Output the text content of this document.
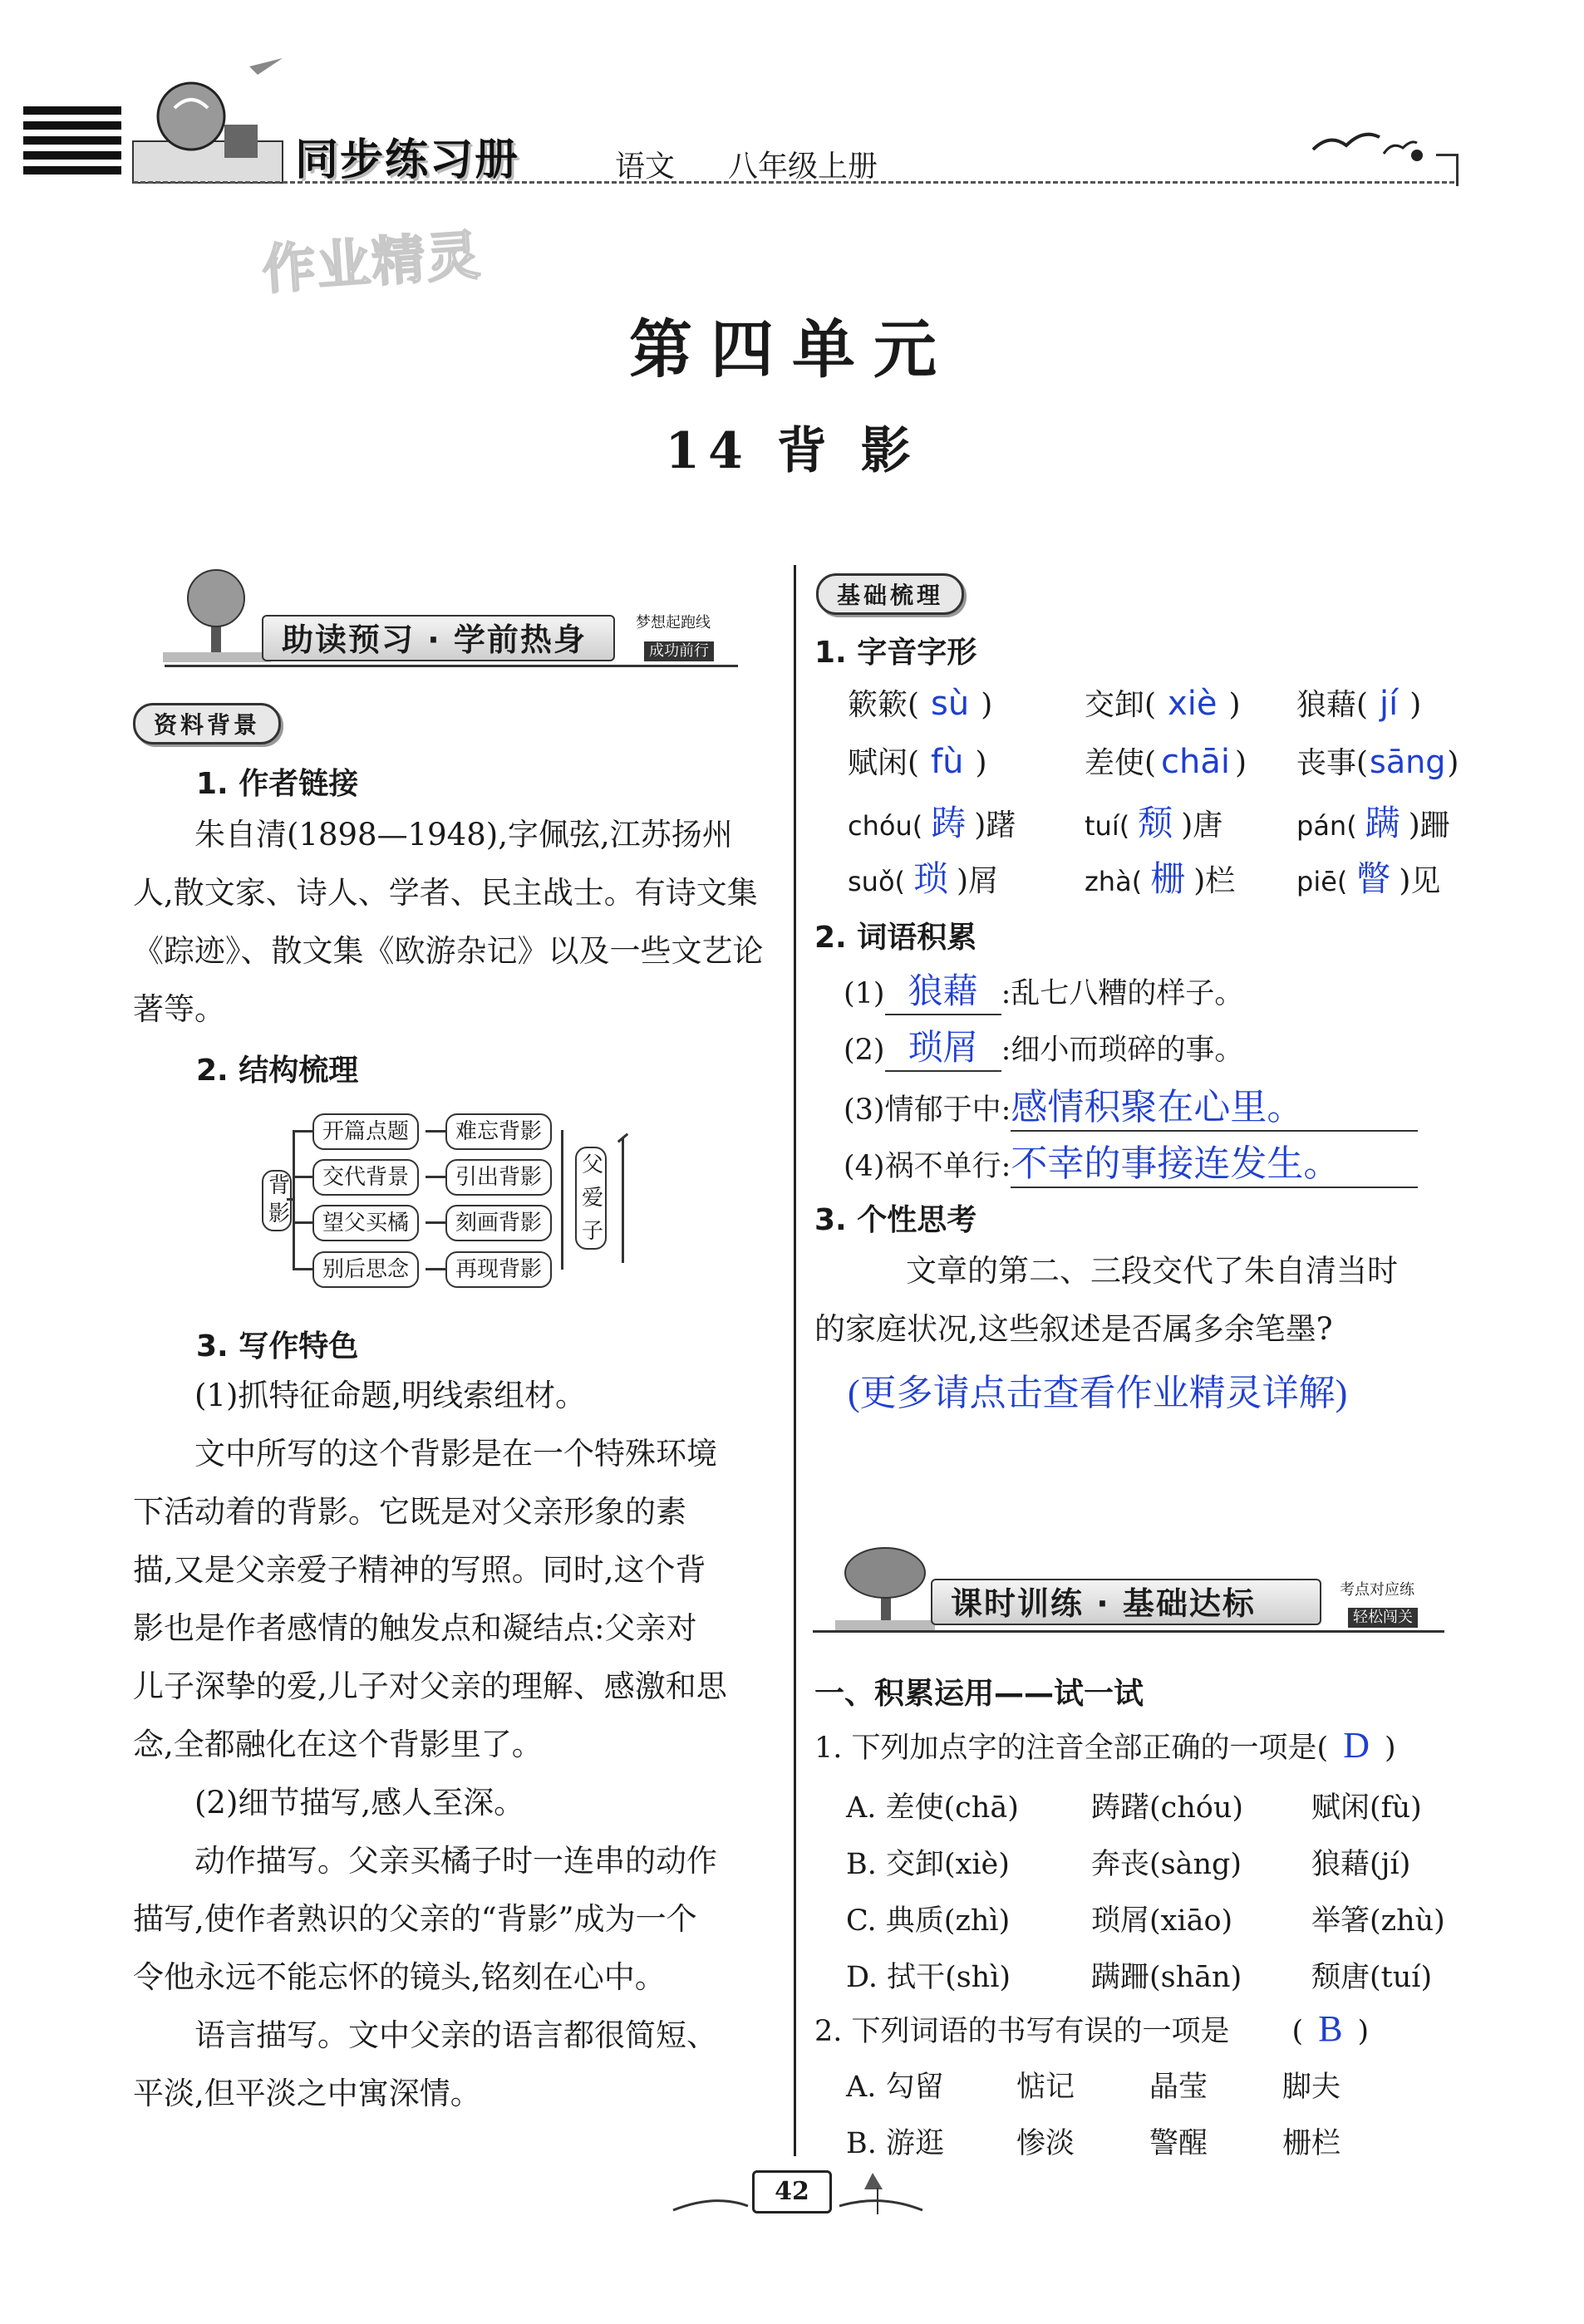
同步练习册	语文 八年级上册
作业精灵
第四单元
14 背 影
助读预习 · 学前热身	梦想起跑线
成功前行
资料背景
1. 作者链接
朱自清(1898—1948),字佩弦,江苏扬州
人,散文家、诗人、学者、民主战士。有诗文集
《踪迹》、散文集《欧游杂记》以及一些文艺论
著等。
2. 结构梳理
背影
开篇点题
交代背景
望父买橘
别后思念
难忘背影
引出背影
刻画背影
再现背影
父爱子
3. 写作特色
(1)抓特征命题,明线索组材。
文中所写的这个背影是在一个特殊环境
下活动着的背影。它既是对父亲形象的素
描,又是父亲爱子精神的写照。同时,这个背
影也是作者感情的触发点和凝结点:父亲对
儿子深挚的爱,儿子对父亲的理解、感激和思
念,全都融化在这个背影里了。
(2)细节描写,感人至深。
动作描写。父亲买橘子时一连串的动作
描写,使作者熟识的父亲的“背影”成为一个
令他永远不能忘怀的镜头,铭刻在心中。
语言描写。文中父亲的语言都很简短、
平淡,但平淡之中寓深情。
基础梳理
1. 字音字形
簌簌( sù )	交卸( xiè ) 狼藉( jí )
赋闲( fù )	差使( chāi ) 丧事(sāng)
chóu( 踌 )躇	tuí( 颓 )唐	pán( 蹒 )跚
suǒ( 琐 )屑	zhà( 栅 )栏 piē( 瞥 )见
2. 词语积累
(1) 狼藉 :乱七八糟的样子。
(2) 琐屑 :细小而琐碎的事。
(3)情郁于中:感情积聚在心里。
(4)祸不单行:不幸的事接连发生。
3. 个性思考
文章的第二、三段交代了朱自清当时
的家庭状况,这些叙述是否属多余笔墨?
(更多请点击查看作业精灵详解)
课时训练 · 基础达标	考点对应练
轻松闯关
一、积累运用——试一试
1. 下列加点字的注音全部正确的一项是( D )
A. 差使(chā) 踌躇(chóu) 赋闲(fù)
B. 交卸(xiè)	奔丧(sàng) 狼藉(jí)
C. 典质(zhì)	琐屑(xiāo)	举箸(zhù)
D. 拭干(shì)	蹒跚(shān) 颓唐(tuí)
2. 下列词语的书写有误的一项是 ( B )
A. 勾留 惦记	晶莹	脚夫
B. 游逛 惨淡	警醒	栅栏
42
